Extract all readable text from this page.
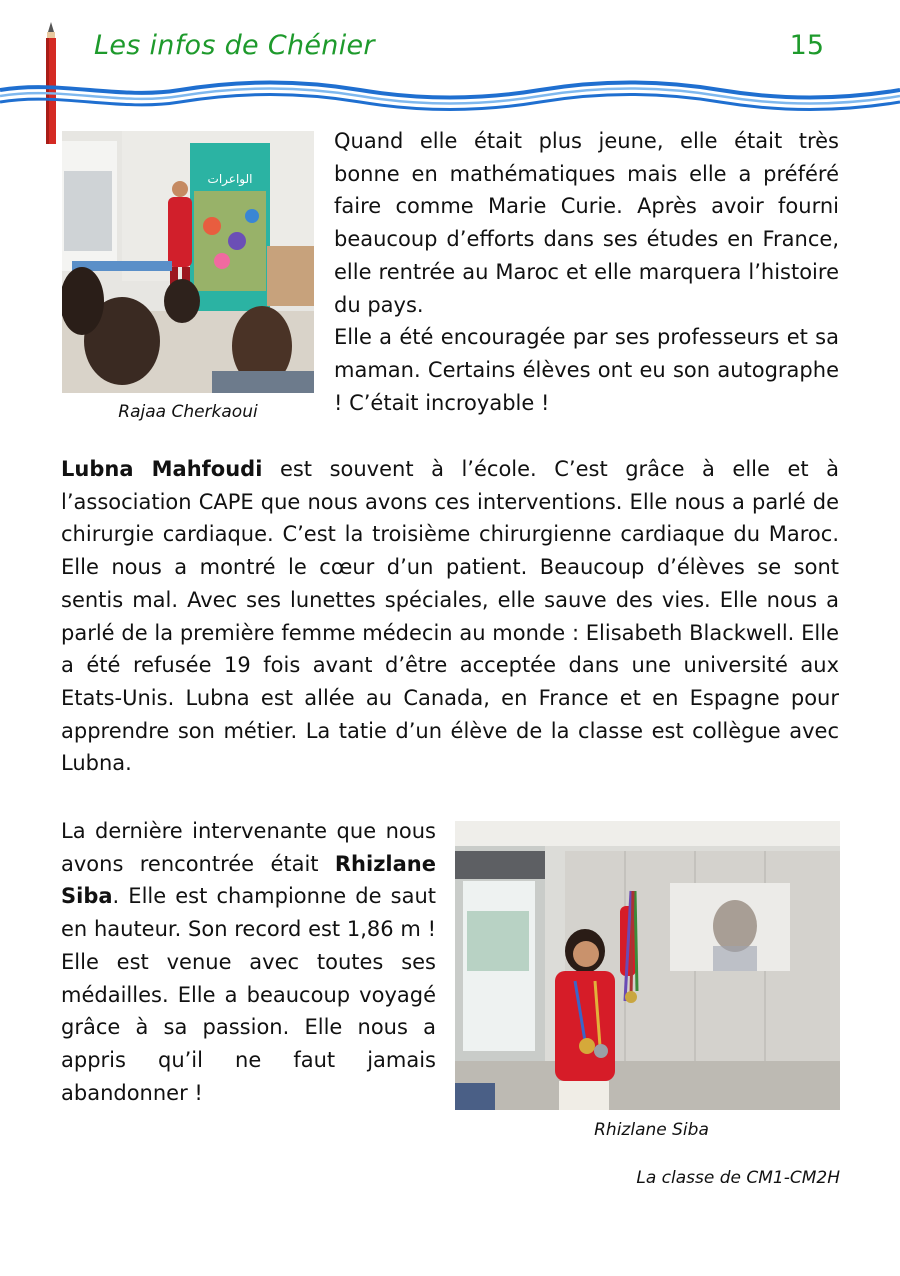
Les infos de Chénier	15
الواعرات
Rajaa Cherkaoui

Quand elle était plus jeune, elle était très bonne en mathématiques mais elle a préféré faire comme Marie Curie. Après avoir fourni beaucoup d’efforts dans ses études en France, elle rentrée au Maroc et elle marquera l’histoire du pays.

Elle a été encouragée par ses professeurs et sa maman. Certains élèves ont eu son autographe ! C’était incroyable !

Lubna Mahfoudi est souvent à l’école. C’est grâce à elle et à l’association CAPE que nous avons ces interventions. Elle nous a parlé de chirurgie cardiaque. C’est la troisième chirurgienne cardiaque du Maroc. Elle nous a montré le cœur d’un patient. Beaucoup d’élèves se sont sentis mal. Avec ses lunettes spéciales, elle sauve des vies. Elle nous a parlé de la première femme médecin au monde : Elisabeth Blackwell. Elle a été refusée 19 fois avant d’être acceptée dans une université aux Etats-Unis. Lubna est allée au Canada, en France et en Espagne pour apprendre son métier. La tatie d’un élève de la classe est collègue avec Lubna.
La dernière intervenante que nous avons rencontrée était Rhizlane Siba. Elle est championne de saut en hauteur. Son record est 1,86 m ! Elle est venue avec toutes ses médailles. Elle a beaucoup voyagé grâce à sa passion. Elle nous a appris qu’il ne faut jamais abandonner !
Rhizlane Siba
La classe de CM1-CM2H
